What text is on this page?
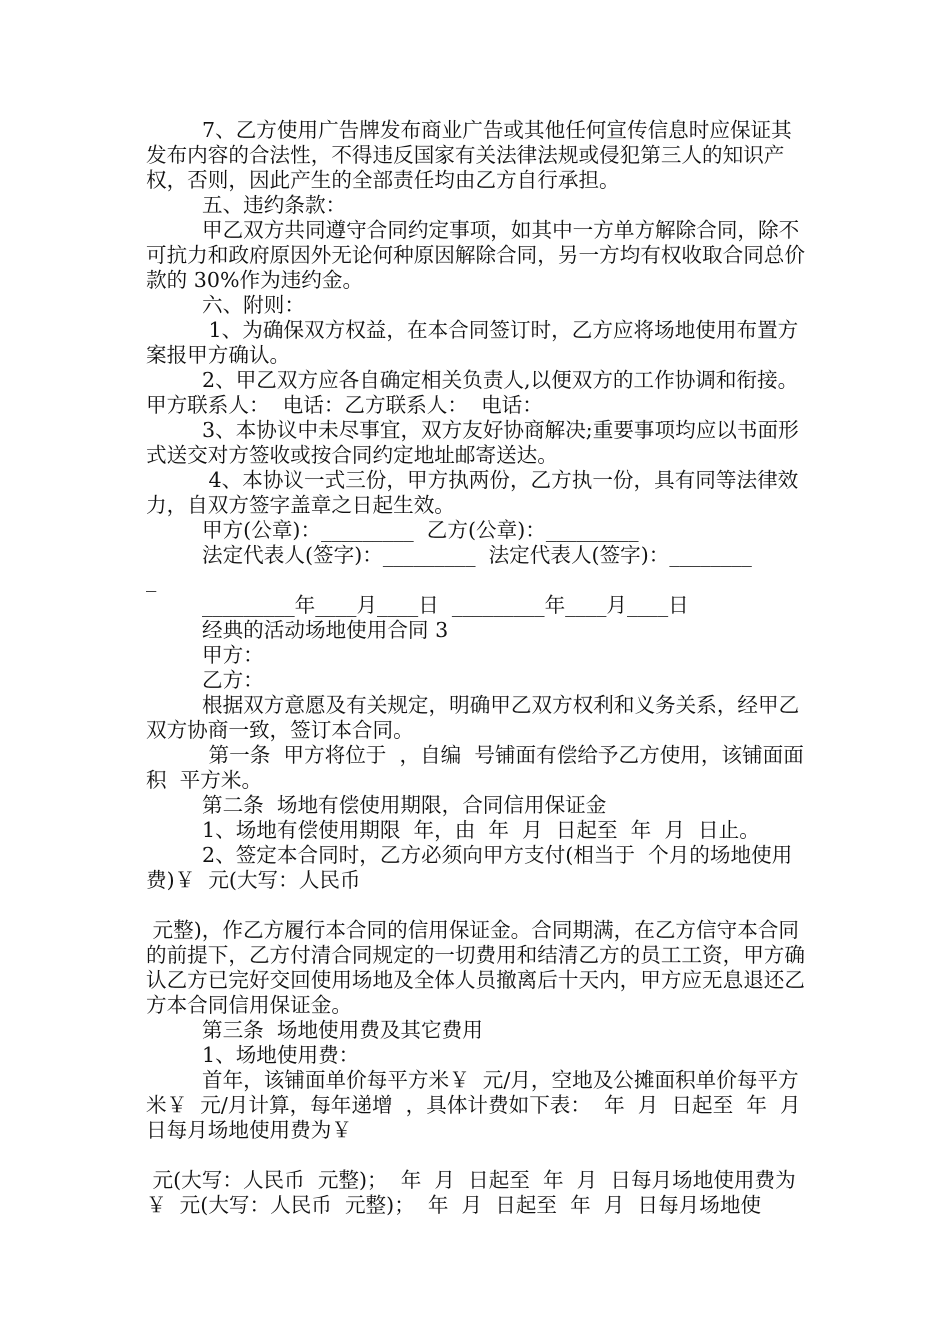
7、乙方使用广告牌发布商业广告或其他任何宣传信息时应保证其发布内容的合法性，不得违反国家有关法律法规或侵犯第三人的知识产权，否则，因此产生的全部责任均由乙方自行承担。

五、违约条款：

甲乙双方共同遵守合同约定事项，如其中一方单方解除合同，除不可抗力和政府原因外无论何种原因解除合同，另一方均有权收取合同总价款的 30%作为违约金。

六、附则：

1、为确保双方权益，在本合同签订时，乙方应将场地使用布置方案报甲方确认。

2、甲乙双方应各自确定相关负责人,以便双方的工作协调和衔接。  甲方联系人：  电话：乙方联系人：  电话：

3、本协议中未尽事宜，双方友好协商解决;重要事项均应以书面形式送交对方签收或按合同约定地址邮寄送达。

4、本协议一式三份，甲方执两份，乙方执一份，具有同等法律效力，自双方签字盖章之日起生效。

甲方(公章)：_________  乙方(公章)：_________

法定代表人(签字)：_________  法定代表人(签字)：________

_

_________年____月____日  _________年____月____日

经典的活动场地使用合同 3

甲方：

乙方：

根据双方意愿及有关规定，明确甲乙双方权利和义务关系，经甲乙双方协商一致，签订本合同。

第一条  甲方将位于  ，自编  号铺面有偿给予乙方使用，该铺面面积  平方米。

第二条  场地有偿使用期限，合同信用保证金

1、场地有偿使用期限  年，由  年  月  日起至  年  月  日止。

2、签定本合同时，乙方必须向甲方支付(相当于  个月的场地使用费)￥  元(大写：人民币

元整)，作乙方履行本合同的信用保证金。合同期满，在乙方信守本合同的前提下，乙方付清合同规定的一切费用和结清乙方的员工工资，甲方确认乙方已完好交回使用场地及全体人员撤离后十天内，甲方应无息退还乙方本合同信用保证金。

第三条  场地使用费及其它费用

1、场地使用费：

首年，该铺面单价每平方米￥  元/月，空地及公摊面积单价每平方米￥  元/月计算，每年递增  ，具体计费如下表：  年  月  日起至  年  月  日每月场地使用费为￥

元(大写：人民币  元整)；  年  月  日起至  年  月  日每月场地使用费为￥  元(大写：人民币  元整)；  年  月  日起至  年  月  日每月场地使
